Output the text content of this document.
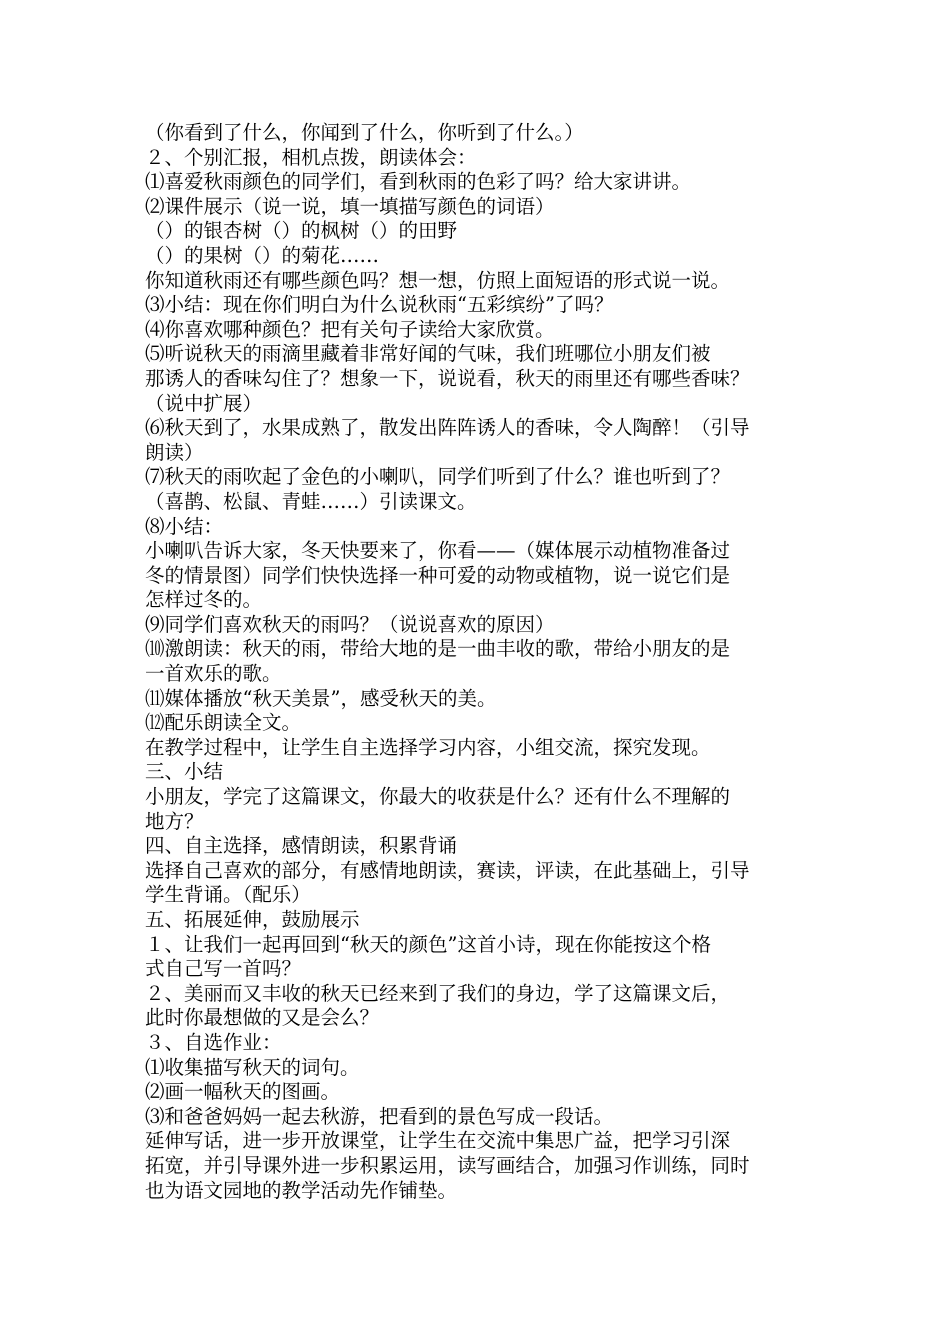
（你看到了什么，你闻到了什么，你听到了什么。）
２、个别汇报，相机点拨，朗读体会：
⑴喜爱秋雨颜色的同学们，看到秋雨的色彩了吗？给大家讲讲。
⑵课件展示（说一说，填一填描写颜色的词语）
（）的银杏树（）的枫树（）的田野
（）的果树（）的菊花……
你知道秋雨还有哪些颜色吗？想一想，仿照上面短语的形式说一说。
⑶小结：现在你们明白为什么说秋雨“五彩缤纷”了吗？
⑷你喜欢哪种颜色？把有关句子读给大家欣赏。
⑸听说秋天的雨滴里藏着非常好闻的气味，我们班哪位小朋友们被
那诱人的香味勾住了？想象一下，说说看，秋天的雨里还有哪些香味？
（说中扩展）
⑹秋天到了，水果成熟了，散发出阵阵诱人的香味，令人陶醉！（引导
朗读）
⑺秋天的雨吹起了金色的小喇叭，同学们听到了什么？谁也听到了？
（喜鹊、松鼠、青蛙……）引读课文。
⑻小结：
小喇叭告诉大家，冬天快要来了，你看——（媒体展示动植物准备过
冬的情景图）同学们快快选择一种可爱的动物或植物，说一说它们是
怎样过冬的。
⑼同学们喜欢秋天的雨吗？（说说喜欢的原因）
⑽激朗读：秋天的雨，带给大地的是一曲丰收的歌，带给小朋友的是
一首欢乐的歌。
⑾媒体播放“秋天美景”，感受秋天的美。
⑿配乐朗读全文。
在教学过程中，让学生自主选择学习内容，小组交流，探究发现。
三、小结
小朋友，学完了这篇课文，你最大的收获是什么？还有什么不理解的
地方？
四、自主选择，感情朗读，积累背诵
选择自己喜欢的部分，有感情地朗读，赛读，评读，在此基础上，引导
学生背诵。（配乐）
五、拓展延伸，鼓励展示
１、让我们一起再回到“秋天的颜色”这首小诗，现在你能按这个格
式自己写一首吗？
２、美丽而又丰收的秋天已经来到了我们的身边，学了这篇课文后，
此时你最想做的又是会么？
３、自选作业：
⑴收集描写秋天的词句。
⑵画一幅秋天的图画。
⑶和爸爸妈妈一起去秋游，把看到的景色写成一段话。
延伸写话，进一步开放课堂，让学生在交流中集思广益，把学习引深
拓宽，并引导课外进一步积累运用，读写画结合，加强习作训练，同时
也为语文园地的教学活动先作铺垫。
